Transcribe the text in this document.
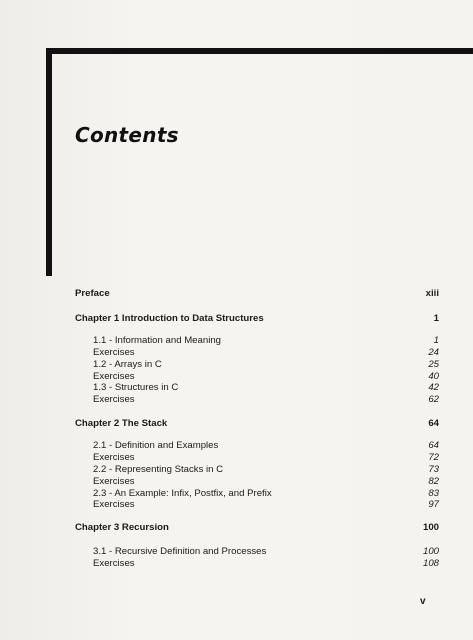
Contents
Preface	xiii
Chapter 1 Introduction to Data Structures	1
1.1 - Information and Meaning	1
Exercises	24
1.2 - Arrays in C	25
Exercises	40
1.3 - Structures in C	42
Exercises	62
Chapter 2 The Stack	64
2.1 - Definition and Examples	64
Exercises	72
2.2 - Representing Stacks in C	73
Exercises	82
2.3 - An Example: Infix, Postfix, and Prefix	83
Exercises	97
Chapter 3 Recursion	100
3.1 - Recursive Definition and Processes	100
Exercises	108
v
